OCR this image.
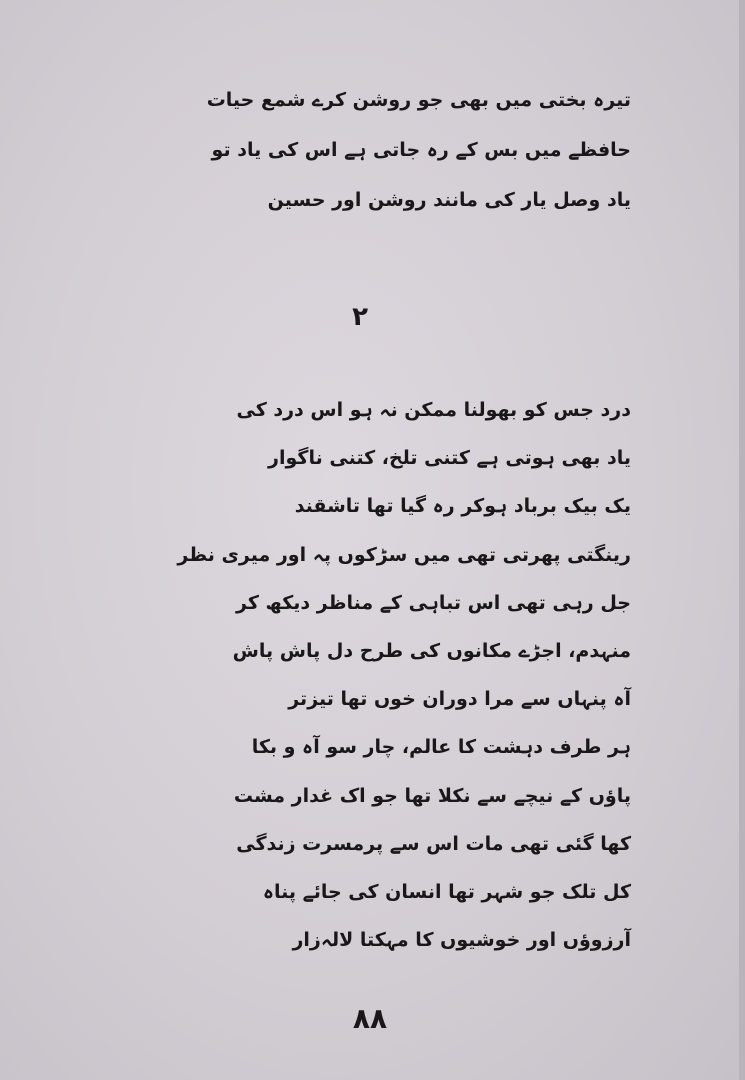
تیرہ بختی میں بھی جو روشن کرے شمع حیات
حافظے میں بس کے رہ جاتی ہے اس کی یاد تو
یاد وصل یار کی مانند روشن اور حسین
۲
درد جس کو بھولنا ممکن نہ ہو اس درد کی
یاد بھی ہوتی ہے کتنی تلخ، کتنی ناگوار
یک بیک برباد ہوکر رہ گیا تھا تاشقند
رینگتی پھرتی تھی میں سڑکوں پہ اور میری نظر
جل رہی تھی اس تباہی کے مناظر دیکھ کر
منہدم، اجڑے مکانوں کی طرح دل پاش پاش
آہ پنہاں سے مرا دوران خوں تھا تیزتر
ہر طرف دہشت کا عالم، چار سو آہ و بکا
پاؤں کے نیچے سے نکلا تھا جو اک غدار مشت
کھا گئی تھی مات اس سے پرمسرت زندگی
کل تلک جو شہر تھا انسان کی جائے پناہ
آرزوؤں اور خوشیوں کا مہکتا لالہ‌زار
۸۸
